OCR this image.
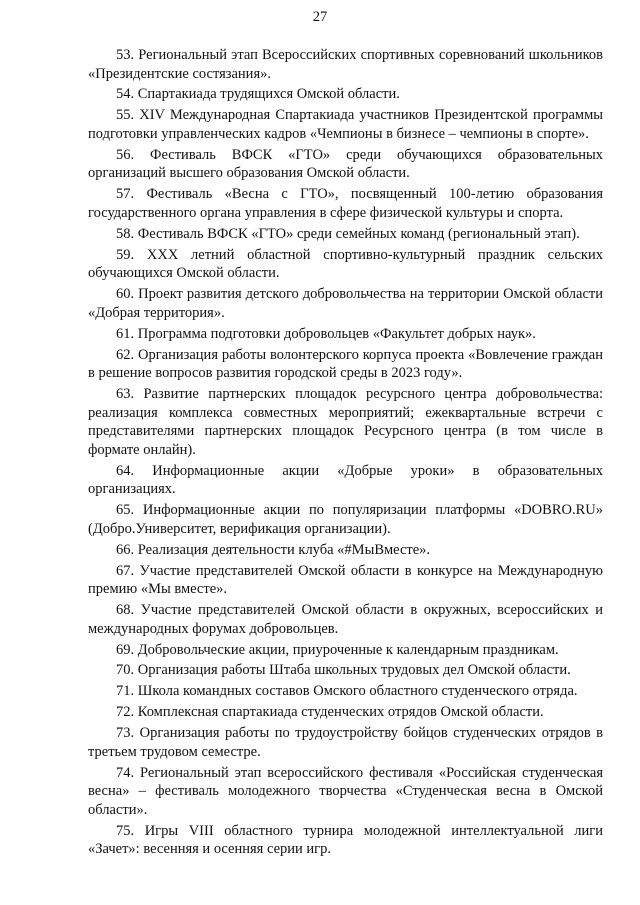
27

53. Региональный этап Всероссийских спортивных соревнований школьников «Президентские состязания».

54. Спартакиада трудящихся Омской области.

55. XIV Международная Спартакиада участников Президентской программы подготовки управленческих кадров «Чемпионы в бизнесе – чемпионы в спорте».

56. Фестиваль ВФСК «ГТО» среди обучающихся образовательных организаций высшего образования Омской области.

57. Фестиваль «Весна с ГТО», посвященный 100-летию образования государственного органа управления в сфере физической культуры и спорта.

58. Фестиваль ВФСК «ГТО» среди семейных команд (региональный этап).

59. XXX летний областной спортивно-культурный праздник сельских обучающихся Омской области.

60. Проект развития детского добровольчества на территории Омской области «Добрая территория».

61. Программа подготовки добровольцев «Факультет добрых наук».

62. Организация работы волонтерского корпуса проекта «Вовлечение граждан в решение вопросов развития городской среды в 2023 году».

63. Развитие партнерских площадок ресурсного центра добровольчества: реализация комплекса совместных мероприятий; ежеквартальные встречи с представителями партнерских площадок Ресурсного центра (в том числе в формате онлайн).

64. Информационные акции «Добрые уроки» в образовательных организациях.

65. Информационные акции по популяризации платформы «DOBRO.RU» (Добро.Университет, верификация организации).

66. Реализация деятельности клуба «#МыВместе».

67. Участие представителей Омской области в конкурсе на Международную премию «Мы вместе».

68. Участие представителей Омской области в окружных, всероссийских и международных форумах добровольцев.

69. Добровольческие акции, приуроченные к календарным праздникам.

70. Организация работы Штаба школьных трудовых дел Омской области.

71. Школа командных составов Омского областного студенческого отряда.

72. Комплексная спартакиада студенческих отрядов Омской области.

73. Организация работы по трудоустройству бойцов студенческих отрядов в третьем трудовом семестре.

74. Региональный этап всероссийского фестиваля «Российская студенческая весна» – фестиваль молодежного творчества «Студенческая весна в Омской области».

75. Игры VIII областного турнира молодежной интеллектуальной лиги «Зачет»: весенняя и осенняя серии игр.
